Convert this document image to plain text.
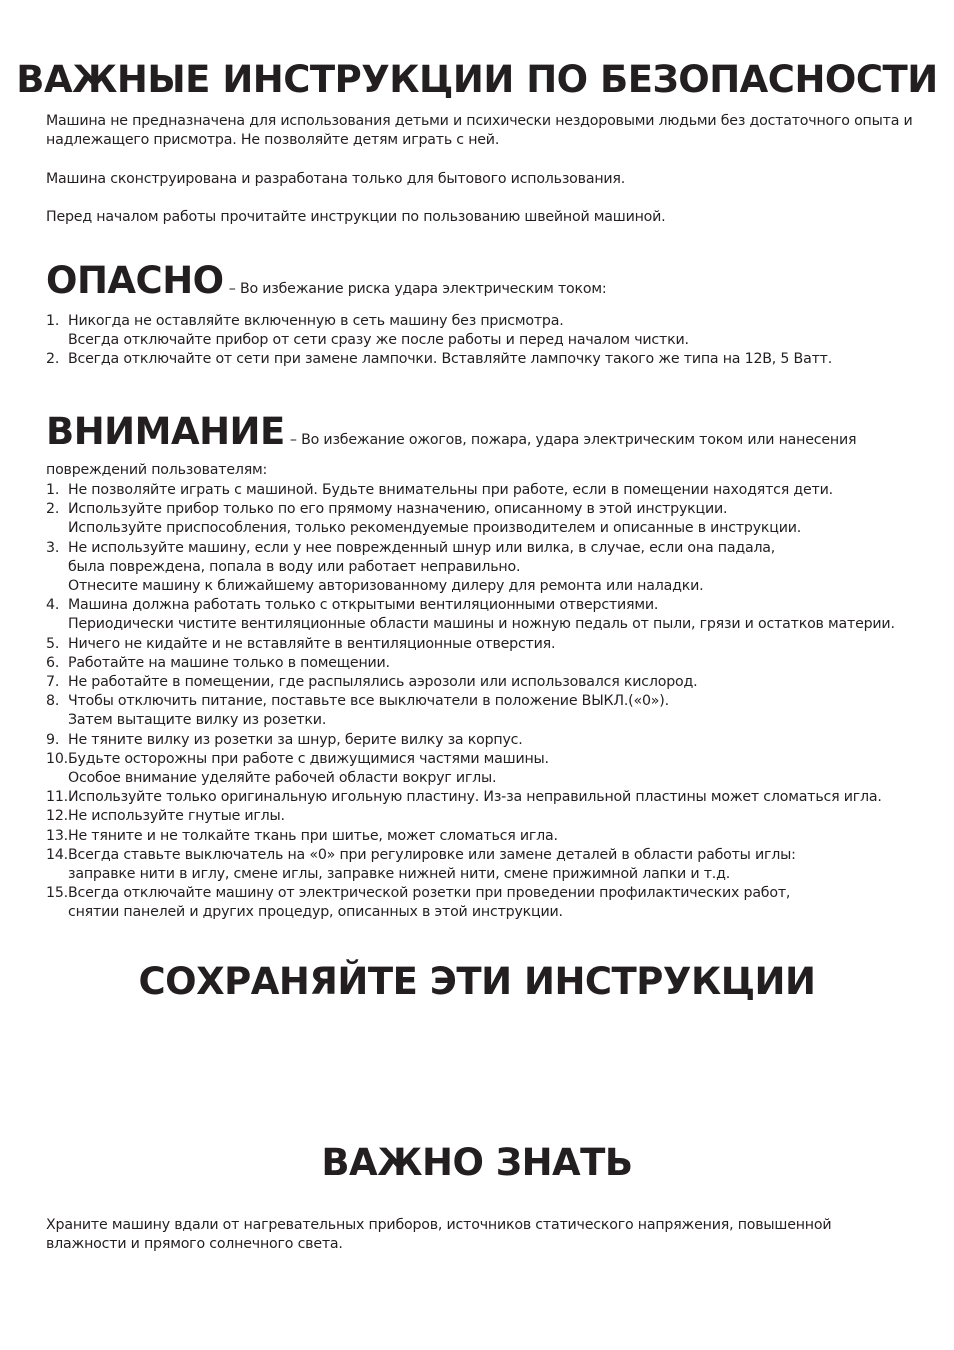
ВАЖНЫЕ ИНСТРУКЦИИ ПО БЕЗОПАСНОСТИ

Машина не предназначена для использования детьми и психически нездоровыми людьми без достаточного опыта и надлежащего присмотра. Не позволяйте детям играть с ней.

Машина сконструирована и разработана только для бытового использования.

Перед началом работы прочитайте инструкции по пользованию швейной машиной.

ОПАСНО – Во избежание риска удара электрическим током:
1. Никогда не оставляйте включенную в сеть машину без присмотра.
Всегда отключайте прибор от сети сразу же после работы и перед началом чистки.
2. Всегда отключайте от сети при замене лампочки. Вставляйте лампочку такого же типа на 12В, 5 Ватт.
ВНИМАНИЕ – Во избежание ожогов, пожара, удара электрическим током или нанесения

повреждений пользователям:

1. Не позволяйте играть с машиной. Будьте внимательны при работе, если в помещении находятся дети.
2. Используйте прибор только по его прямому назначению, описанному в этой инструкции.
Используйте приспособления, только рекомендуемые производителем и описанные в инструкции.
3. Не используйте машину, если у нее поврежденный шнур или вилка, в случае, если она падала,
была повреждена, попала в воду или работает неправильно.
Отнесите машину к ближайшему авторизованному дилеру для ремонта или наладки.
4. Машина должна работать только с открытыми вентиляционными отверстиями.
Периодически чистите вентиляционные области машины и ножную педаль от пыли, грязи и остатков материи.
5. Ничего не кидайте и не вставляйте в вентиляционные отверстия.
6. Работайте на машине только в помещении.
7. Не работайте в помещении, где распылялись аэрозоли или использовался кислород.
8. Чтобы отключить питание, поставьте все выключатели в положение ВЫКЛ.(«0»).
Затем вытащите вилку из розетки.
9. Не тяните вилку из розетки за шнур, берите вилку за корпус.
10. Будьте осторожны при работе с движущимися частями машины.
Особое внимание уделяйте рабочей области вокруг иглы.
11. Используйте только оригинальную игольную пластину. Из-за неправильной пластины может сломаться игла.
12. Не используйте гнутые иглы.
13. Не тяните и не толкайте ткань при шитье, может сломаться игла.
14. Всегда ставьте выключатель на «0» при регулировке или замене деталей в области работы иглы:
заправке нити в иглу, смене иглы, заправке нижней нити, смене прижимной лапки и т.д.
15. Всегда отключайте машину от электрической розетки при проведении профилактических работ,
снятии панелей и других процедур, описанных в этой инструкции.
СОХРАНЯЙТЕ ЭТИ ИНСТРУКЦИИ
ВАЖНО ЗНАТЬ

Храните машину вдали от нагревательных приборов, источников статического напряжения, повышенной влажности и прямого солнечного света.
